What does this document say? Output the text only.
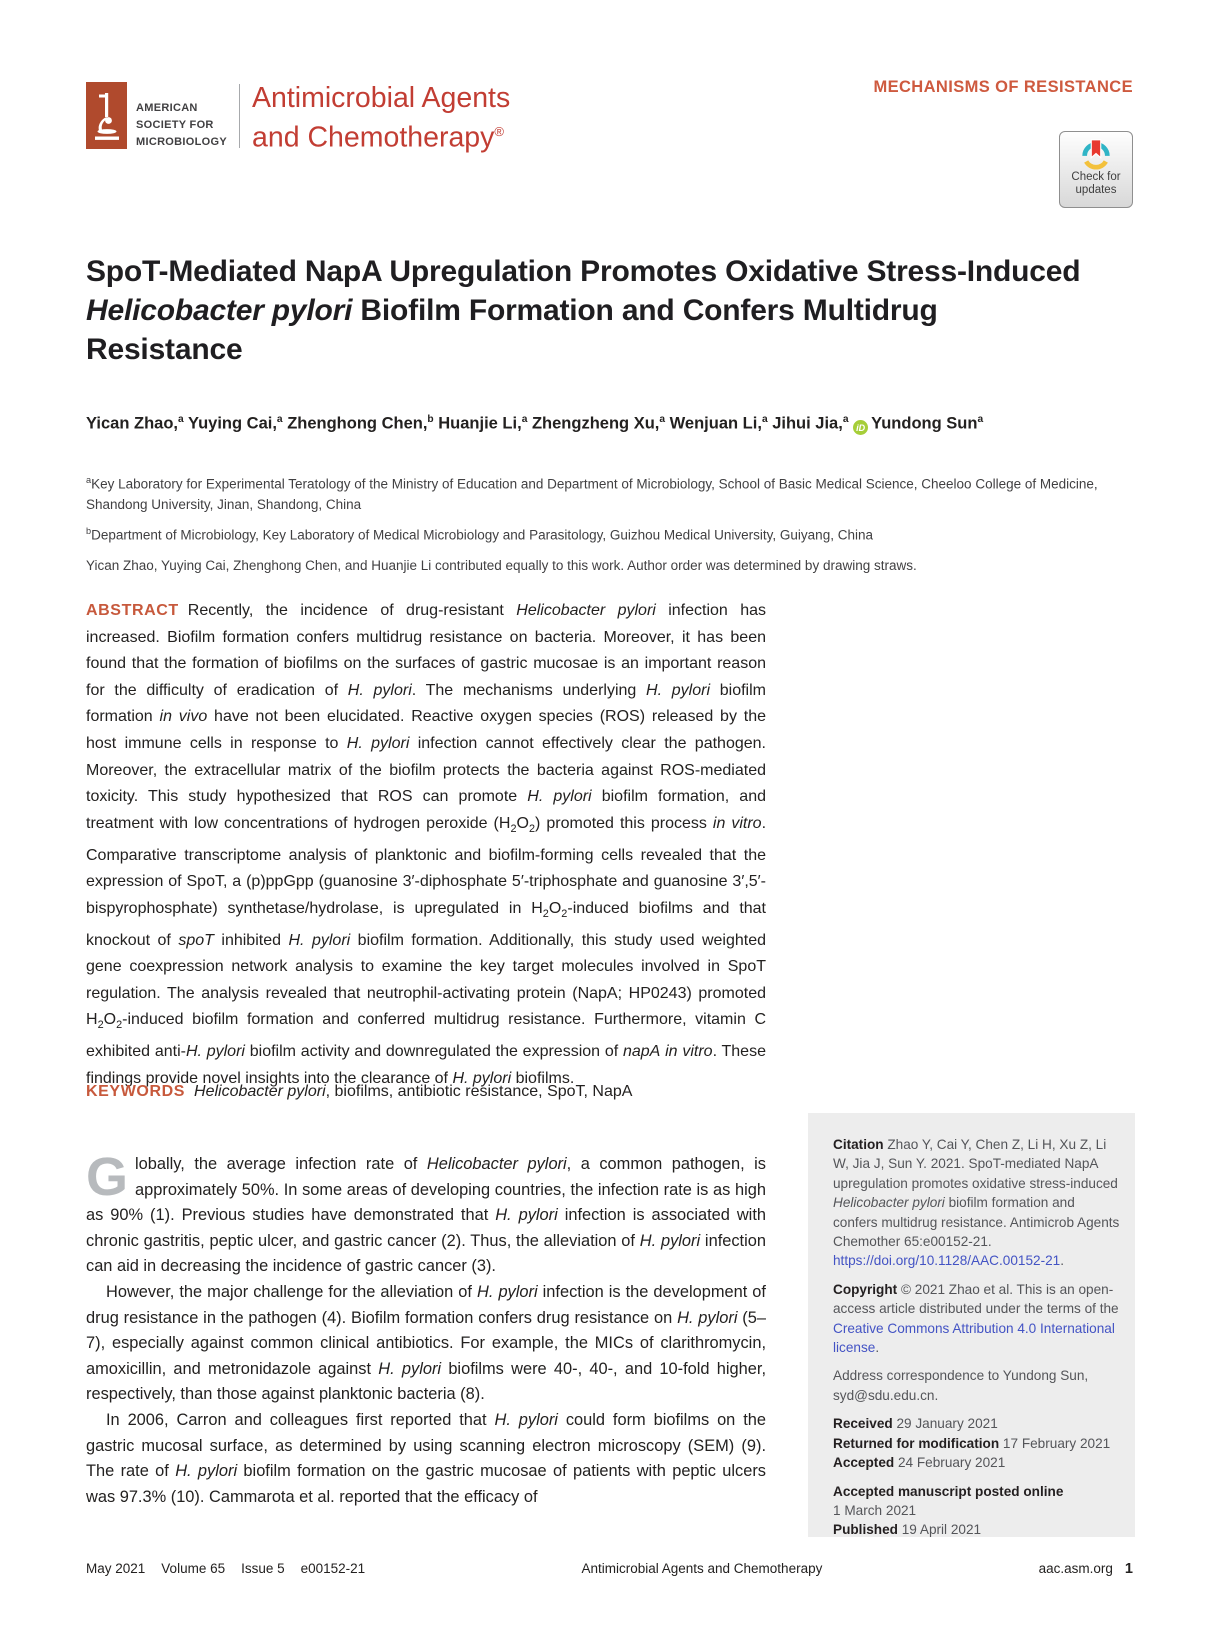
AMERICAN
SOCIETY FOR
MICROBIOLOGY
Antimicrobial Agents
and Chemotherapy®
MECHANISMS OF RESISTANCE
Check for
updates
SpoT-Mediated NapA Upregulation Promotes Oxidative Stress-Induced Helicobacter pylori Biofilm Formation and Confers Multidrug Resistance
Yican Zhao,$^a$ Yuying Cai,$^a$ Zhenghong Chen,$^b$ Huanjie Li,$^a$ Zhengzheng Xu,$^a$ Wenjuan Li,$^a$ Jihui Jia,$^a$ iD Yundong Sun$^a$

$^a$Key Laboratory for Experimental Teratology of the Ministry of Education and Department of Microbiology, School of Basic Medical Science, Cheeloo College of Medicine, Shandong University, Jinan, Shandong, China

$^b$Department of Microbiology, Key Laboratory of Medical Microbiology and Parasitology, Guizhou Medical University, Guiyang, China

Yican Zhao, Yuying Cai, Zhenghong Chen, and Huanjie Li contributed equally to this work. Author order was determined by drawing straws.
ABSTRACT Recently, the incidence of drug-resistant Helicobacter pylori infection has increased. Biofilm formation confers multidrug resistance on bacteria. Moreover, it has been found that the formation of biofilms on the surfaces of gastric mucosae is an important reason for the difficulty of eradication of H. pylori. The mechanisms underlying H. pylori biofilm formation in vivo have not been elucidated. Reactive oxygen species (ROS) released by the host immune cells in response to H. pylori infection cannot effectively clear the pathogen. Moreover, the extracellular matrix of the biofilm protects the bacteria against ROS-mediated toxicity. This study hypothesized that ROS can promote H. pylori biofilm formation, and treatment with low concentrations of hydrogen peroxide $(H_2O_2)$ promoted this process in vitro. Comparative transcriptome analysis of planktonic and biofilm-forming cells revealed that the expression of SpoT, a (p)ppGpp (guanosine 3′-diphosphate 5′-triphosphate and guanosine 3′,5′-bispyrophosphate) synthetase/hydrolase, is upregulated in $H_2O_2$-induced biofilms and that knockout of spoT inhibited H. pylori biofilm formation. Additionally, this study used weighted gene coexpression network analysis to examine the key target molecules involved in SpoT regulation. The analysis revealed that neutrophil-activating protein (NapA; HP0243) promoted $H_2O_2$-induced biofilm formation and conferred multidrug resistance. Furthermore, vitamin C exhibited anti-H. pylori biofilm activity and downregulated the expression of napA in vitro. These findings provide novel insights into the clearance of H. pylori biofilms.
KEYWORDS Helicobacter pylori, biofilms, antibiotic resistance, SpoT, NapA

Globally, the average infection rate of Helicobacter pylori, a common pathogen, is approximately 50%. In some areas of developing countries, the infection rate is as high as 90% (1). Previous studies have demonstrated that H. pylori infection is associated with chronic gastritis, peptic ulcer, and gastric cancer (2). Thus, the alleviation of H. pylori infection can aid in decreasing the incidence of gastric cancer (3).

However, the major challenge for the alleviation of H. pylori infection is the development of drug resistance in the pathogen (4). Biofilm formation confers drug resistance on H. pylori (5–7), especially against common clinical antibiotics. For example, the MICs of clarithromycin, amoxicillin, and metronidazole against H. pylori biofilms were 40-, 40-, and 10-fold higher, respectively, than those against planktonic bacteria (8).

In 2006, Carron and colleagues first reported that H. pylori could form biofilms on the gastric mucosal surface, as determined by using scanning electron microscopy (SEM) (9). The rate of H. pylori biofilm formation on the gastric mucosae of patients with peptic ulcers was 97.3% (10). Cammarota et al. reported that the efficacy of

Citation Zhao Y, Cai Y, Chen Z, Li H, Xu Z, Li W, Jia J, Sun Y. 2021. SpoT-mediated NapA upregulation promotes oxidative stress-induced Helicobacter pylori biofilm formation and confers multidrug resistance. Antimicrob Agents Chemother 65:e00152-21. https://doi.org/10.1128/AAC.00152-21.

Copyright © 2021 Zhao et al. This is an open-access article distributed under the terms of the Creative Commons Attribution 4.0 International license.

Address correspondence to Yundong Sun, syd@sdu.edu.cn.

Received 29 January 2021

Returned for modification 17 February 2021

Accepted 24 February 2021

Accepted manuscript posted online
1 March 2021

Published 19 April 2021

May 2021 Volume 65 Issue 5 e00152-21	Antimicrobial Agents and Chemotherapy	aac.asm.org 1
